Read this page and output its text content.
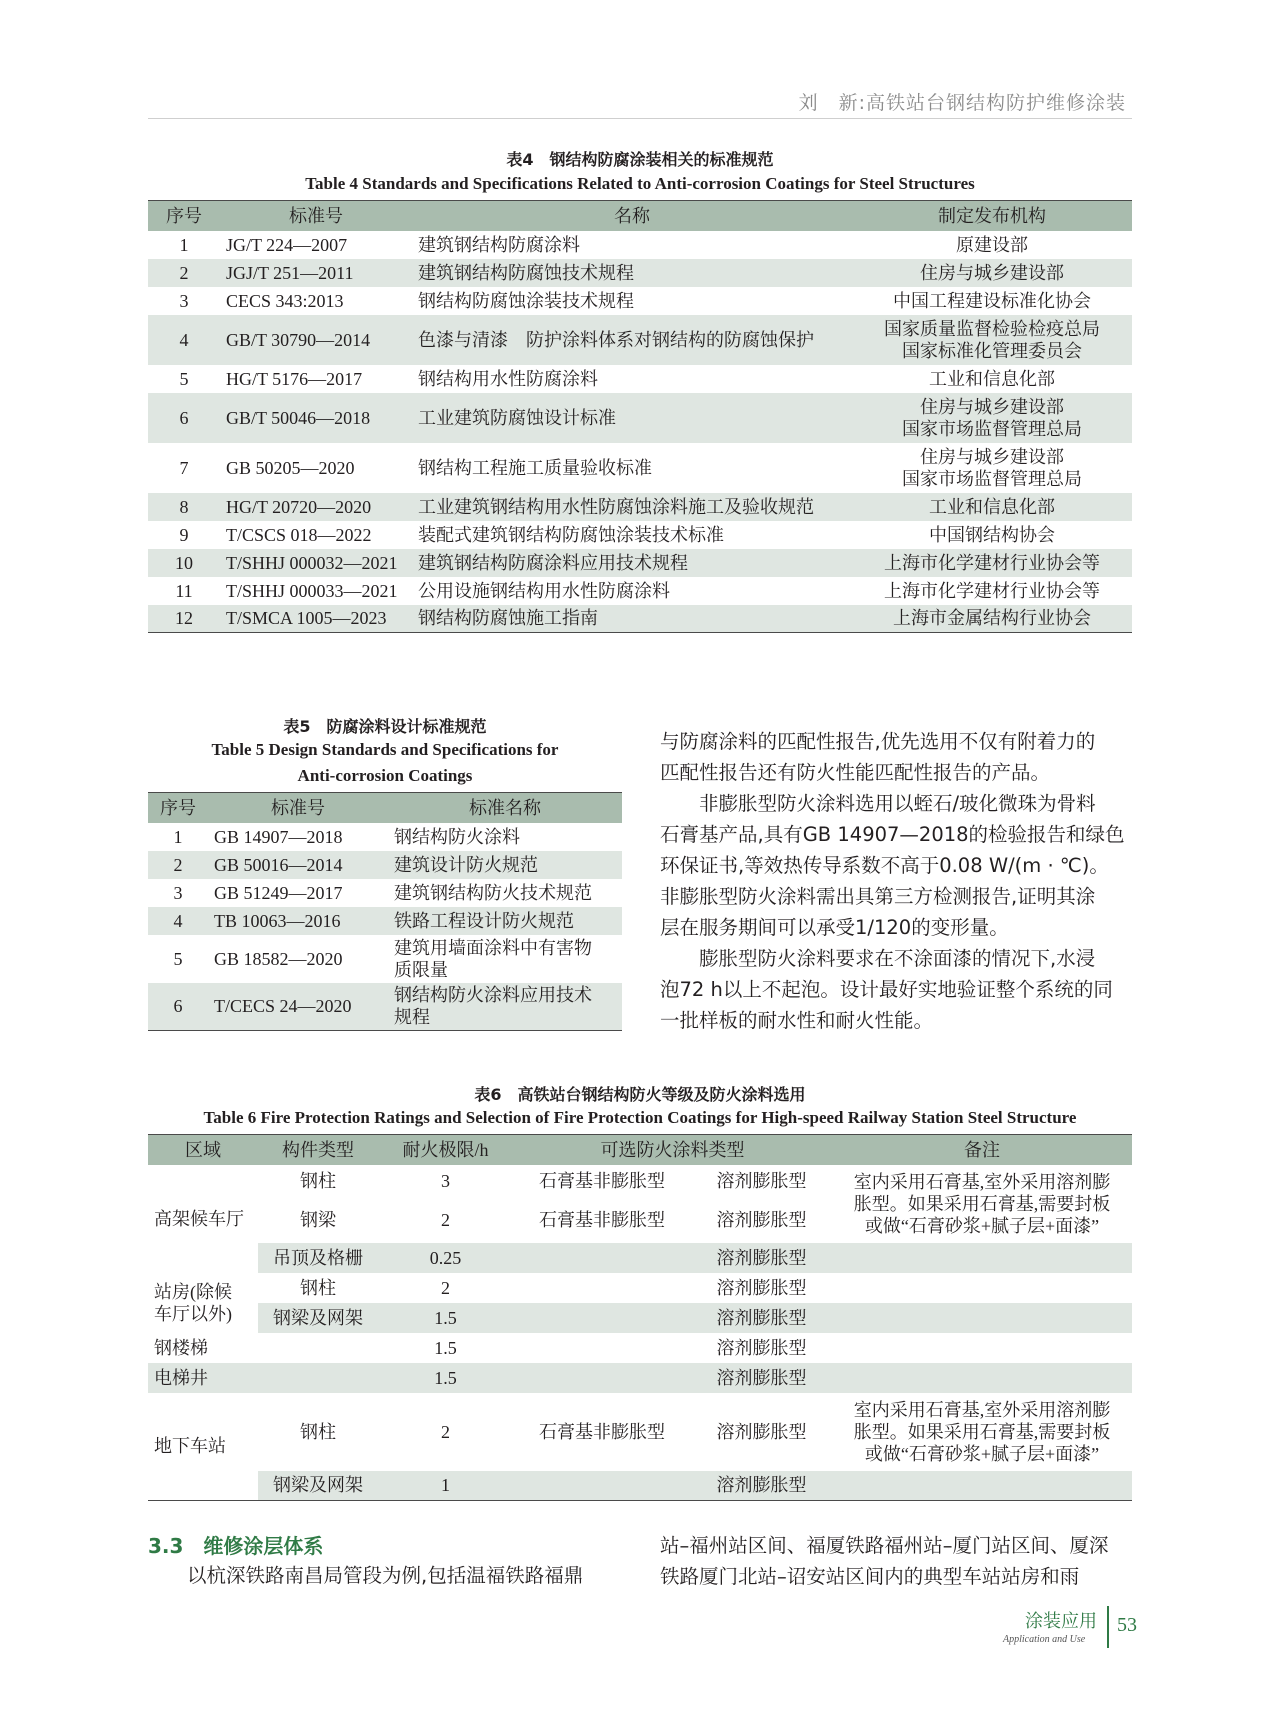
刘　新:高铁站台钢结构防护维修涂装
表4　钢结构防腐涂装相关的标准规范
Table 4 Standards and Specifications Related to Anti-corrosion Coatings for Steel Structures
序号	标准号	名称	制定发布机构
1	JG/T 224—2007	建筑钢结构防腐涂料	原建设部

2	JGJ/T 251—2011	建筑钢结构防腐蚀技术规程	住房与城乡建设部

3	CECS 343:2013	钢结构防腐蚀涂装技术规程	中国工程建设标准化协会

4	GB/T 30790—2014	色漆与清漆　防护涂料体系对钢结构的防腐蚀保护	国家质量监督检验检疫总局
国家标准化管理委员会

5	HG/T 5176—2017	钢结构用水性防腐涂料	工业和信息化部

6	GB/T 50046—2018	工业建筑防腐蚀设计标准	住房与城乡建设部
国家市场监督管理总局

7	GB 50205—2020	钢结构工程施工质量验收标准	住房与城乡建设部
国家市场监督管理总局

8	HG/T 20720—2020	工业建筑钢结构用水性防腐蚀涂料施工及验收规范	工业和信息化部

9	T/CSCS 018—2022	装配式建筑钢结构防腐蚀涂装技术标准	中国钢结构协会

10	T/SHHJ 000032—2021	建筑钢结构防腐涂料应用技术规程	上海市化学建材行业协会等

11	T/SHHJ 000033—2021	公用设施钢结构用水性防腐涂料	上海市化学建材行业协会等

12	T/SMCA 1005—2023	钢结构防腐蚀施工指南	上海市金属结构行业协会
表5　防腐涂料设计标准规范
Table 5 Design Standards and Specifications for
Anti-corrosion Coatings
序号	标准号	标准名称
1	GB 14907—2018	钢结构防火涂料

2	GB 50016—2014	建筑设计防火规范

3	GB 51249—2017	建筑钢结构防火技术规范

4	TB 10063—2016	铁路工程设计防火规范

5	GB 18582—2020	建筑用墙面涂料中有害物
质限量

6	T/CECS 24—2020	钢结构防火涂料应用技术
规程

与防腐涂料的匹配性报告,优先选用不仅有附着力的

匹配性报告还有防火性能匹配性报告的产品。

　　非膨胀型防火涂料选用以蛭石/玻化微珠为骨料

石膏基产品,具有GB 14907—2018的检验报告和绿色

环保证书,等效热传导系数不高于0.08 W/(m · ℃)。

非膨胀型防火涂料需出具第三方检测报告,证明其涂

层在服务期间可以承受1/120的变形量。

　　膨胀型防火涂料要求在不涂面漆的情况下,水浸

泡72 h以上不起泡。设计最好实地验证整个系统的同

一批样板的耐水性和耐火性能。

表6　高铁站台钢结构防火等级及防火涂料选用
Table 6 Fire Protection Ratings and Selection of Fire Protection Coatings for High-speed Railway Station Steel Structure
区域	构件类型	耐火极限/h	可选防火涂料类型		备注
高架候车厅	钢柱	3	石膏基非膨胀型	溶剂膨胀型	室内采用石膏基,室外采用溶剂膨
胀型。如果采用石膏基,需要封板
或做“石膏砂浆+腻子层+面漆”

	钢梁	2	石膏基非膨胀型	溶剂膨胀型	
	吊顶及格栅	0.25		溶剂膨胀型	

站房(除候
车厅以外)	钢柱	2		溶剂膨胀型	
	钢梁及网架	1.5		溶剂膨胀型	
钢楼梯		1.5		溶剂膨胀型	
电梯井		1.5		溶剂膨胀型	
地下车站	钢柱	2	石膏基非膨胀型	溶剂膨胀型	室内采用石膏基,室外采用溶剂膨
胀型。如果采用石膏基,需要封板
或做“石膏砂浆+腻子层+面漆”

	钢梁及网架	1		溶剂膨胀型	
3.3　维修涂层体系
　　以杭深铁路南昌局管段为例,包括温福铁路福鼎
站–福州站区间、福厦铁路福州站–厦门站区间、厦深
铁路厦门北站–诏安站区间内的典型车站站房和雨
涂装应用
Application and Use
53
